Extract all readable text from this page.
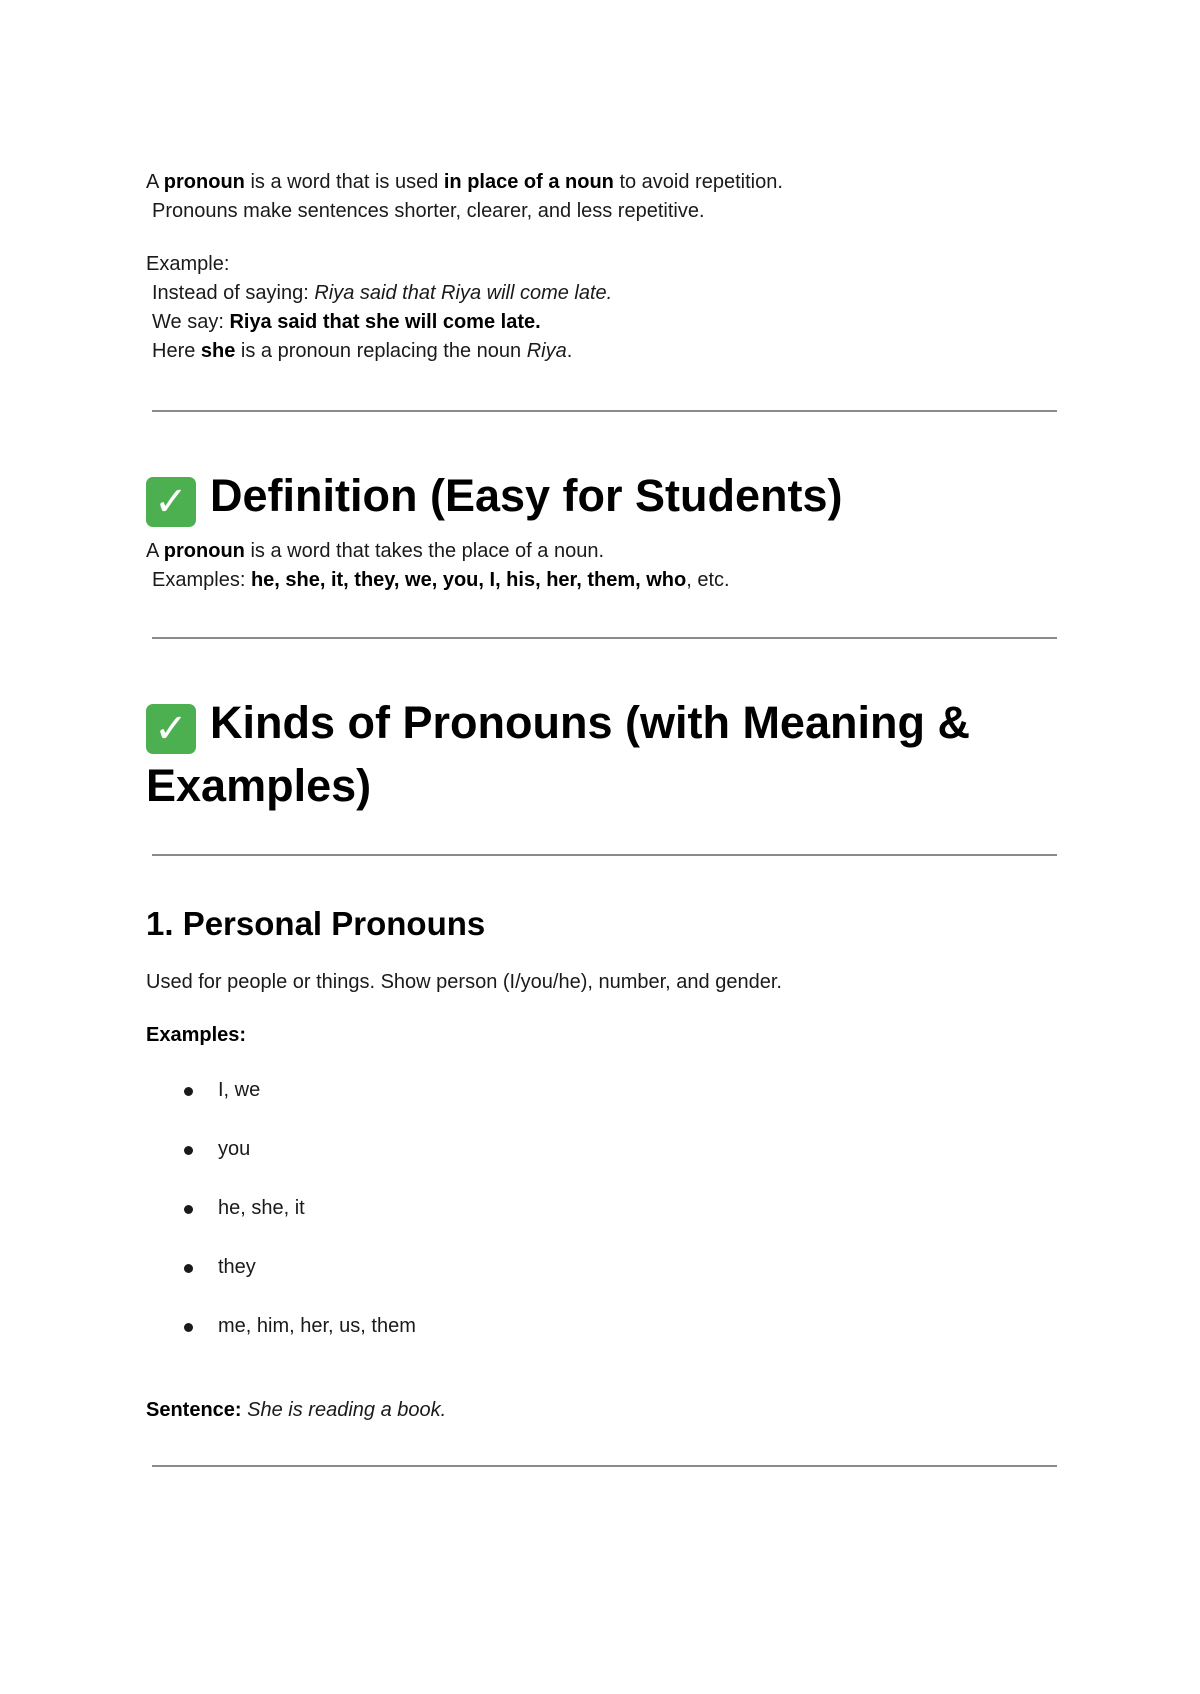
A pronoun is a word that is used in place of a noun to avoid repetition.

Pronouns make sentences shorter, clearer, and less repetitive.

Example:

Instead of saying: Riya said that Riya will come late.

We say: Riya said that she will come late.

Here she is a pronoun replacing the noun Riya.

✓ Definition (Easy for Students)

A pronoun is a word that takes the place of a noun.

Examples: he, she, it, they, we, you, I, his, her, them, who, etc.

✓ Kinds of Pronouns (with Meaning &
Examples)
1. Personal Pronouns

Used for people or things. Show person (I/you/he), number, and gender.

Examples:

I, we
you
he, she, it
they
me, him, her, us, them

Sentence: She is reading a book.
